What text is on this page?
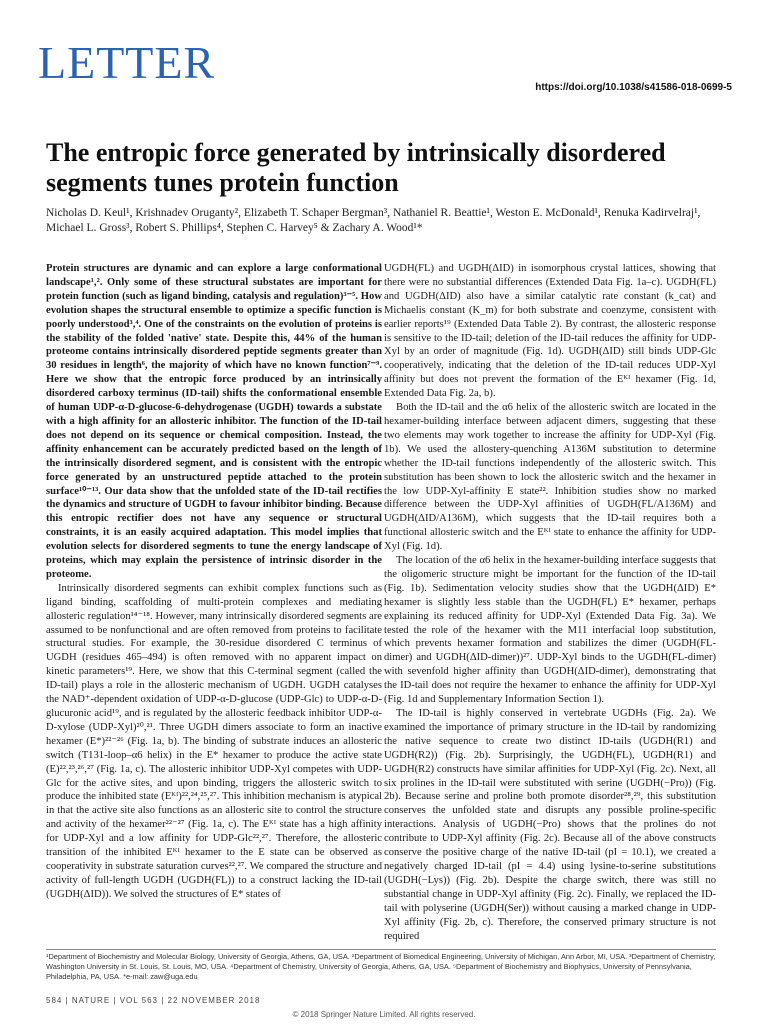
LETTER	https://doi.org/10.1038/s41586-018-0699-5
The entropic force generated by intrinsically disordered segments tunes protein function
Nicholas D. Keul¹, Krishnadev Oruganty², Elizabeth T. Schaper Bergman³, Nathaniel R. Beattie¹, Weston E. McDonald¹, Renuka Kadirvelraj¹, Michael L. Gross³, Robert S. Phillips⁴, Stephen C. Harvey⁵ & Zachary A. Wood¹*

Protein structures are dynamic and can explore a large conformational landscape¹,². Only some of these structural substates are important for protein function (such as ligand binding, catalysis and regulation)³⁻⁵. How evolution shapes the structural ensemble to optimize a specific function is poorly understood³,⁴. One of the constraints on the evolution of proteins is the stability of the folded 'native' state. Despite this, 44% of the human proteome contains intrinsically disordered peptide segments greater than 30 residues in length⁶, the majority of which have no known function⁷⁻⁹. Here we show that the entropic force produced by an intrinsically disordered carboxy terminus (ID-tail) shifts the conformational ensemble of human UDP-α-D-glucose-6-dehydrogenase (UGDH) towards a substate with a high affinity for an allosteric inhibitor. The function of the ID-tail does not depend on its sequence or chemical composition. Instead, the affinity enhancement can be accurately predicted based on the length of the intrinsically disordered segment, and is consistent with the entropic force generated by an unstructured peptide attached to the protein surface¹⁰⁻¹³. Our data show that the unfolded state of the ID-tail rectifies the dynamics and structure of UGDH to favour inhibitor binding. Because this entropic rectifier does not have any sequence or structural constraints, it is an easily acquired adaptation. This model implies that evolution selects for disordered segments to tune the energy landscape of proteins, which may explain the persistence of intrinsic disorder in the proteome.

Intrinsically disordered segments can exhibit complex functions such as ligand binding, scaffolding of multi-protein complexes and mediating allosteric regulation¹⁴⁻¹⁸. However, many intrinsically disordered segments are assumed to be nonfunctional and are often removed from proteins to facilitate structural studies. For example, the 30-residue disordered C terminus of UGDH (residues 465–494) is often removed with no apparent impact on kinetic parameters¹⁹. Here, we show that this C-terminal segment (called the ID-tail) plays a role in the allosteric mechanism of UGDH. UGDH catalyses the NAD⁺-dependent oxidation of UDP-α-D-glucose (UDP-Glc) to UDP-α-D-glucuronic acid¹⁹, and is regulated by the allosteric feedback inhibitor UDP-α-D-xylose (UDP-Xyl)²⁰,²¹. Three UGDH dimers associate to form an inactive hexamer (E*)²²⁻²⁶ (Fig. 1a, b). The binding of substrate induces an allosteric switch (T131-loop–α6 helix) in the E* hexamer to produce the active state (E)²²,²³,²⁶,²⁷ (Fig. 1a, c). The allosteric inhibitor UDP-Xyl competes with UDP-Glc for the active sites, and upon binding, triggers the allosteric switch to produce the inhibited state (Eᴷᴵ)²²,²⁴,²⁵,²⁷. This inhibition mechanism is atypical in that the active site also functions as an allosteric site to control the structure and activity of the hexamer²²⁻²⁷ (Fig. 1a, c). The Eᴷᴵ state has a high affinity for UDP-Xyl and a low affinity for UDP-Glc²²,²⁷. Therefore, the allosteric transition of the inhibited Eᴷᴵ hexamer to the E state can be observed as cooperativity in substrate saturation curves²²,²⁷. We compared the structure and activity of full-length UGDH (UGDH(FL)) to a construct lacking the ID-tail (UGDH(ΔID)). We solved the structures of E* states of

UGDH(FL) and UGDH(ΔID) in isomorphous crystal lattices, showing that there were no substantial differences (Extended Data Fig. 1a–c). UGDH(FL) and UGDH(ΔID) also have a similar catalytic rate constant (k_cat) and Michaelis constant (K_m) for both substrate and coenzyme, consistent with earlier reports¹⁹ (Extended Data Table 2). By contrast, the allosteric response is sensitive to the ID-tail; deletion of the ID-tail reduces the affinity for UDP-Xyl by an order of magnitude (Fig. 1d). UGDH(ΔID) still binds UDP-Glc cooperatively, indicating that the deletion of the ID-tail reduces UDP-Xyl affinity but does not prevent the formation of the Eᴷᴵ hexamer (Fig. 1d, Extended Data Fig. 2a, b).

Both the ID-tail and the α6 helix of the allosteric switch are located in the hexamer-building interface between adjacent dimers, suggesting that these two elements may work together to increase the affinity for UDP-Xyl (Fig. 1b). We used the allostery-quenching A136M substitution to determine whether the ID-tail functions independently of the allosteric switch. This substitution has been shown to lock the allosteric switch and the hexamer in the low UDP-Xyl-affinity E state²². Inhibition studies show no marked difference between the UDP-Xyl affinities of UGDH(FL/A136M) and UGDH(ΔID/A136M), which suggests that the ID-tail requires both a functional allosteric switch and the Eᴷᴵ state to enhance the affinity for UDP-Xyl (Fig. 1d).

The location of the α6 helix in the hexamer-building interface suggests that the oligomeric structure might be important for the function of the ID-tail (Fig. 1b). Sedimentation velocity studies show that the UGDH(ΔID) E* hexamer is slightly less stable than the UGDH(FL) E* hexamer, perhaps explaining its reduced affinity for UDP-Xyl (Extended Data Fig. 3a). We tested the role of the hexamer with the M11 interfacial loop substitution, which prevents hexamer formation and stabilizes the dimer (UGDH(FL-dimer) and UGDH(ΔID-dimer))²⁷. UDP-Xyl binds to the UGDH(FL-dimer) with sevenfold higher affinity than UGDH(ΔID-dimer), demonstrating that the ID-tail does not require the hexamer to enhance the affinity for UDP-Xyl (Fig. 1d and Supplementary Information Section 1).

The ID-tail is highly conserved in vertebrate UGDHs (Fig. 2a). We examined the importance of primary structure in the ID-tail by randomizing the native sequence to create two distinct ID-tails (UGDH(R1) and UGDH(R2)) (Fig. 2b). Surprisingly, the UGDH(FL), UGDH(R1) and UGDH(R2) constructs have similar affinities for UDP-Xyl (Fig. 2c). Next, all six prolines in the ID-tail were substituted with serine (UGDH(−Pro)) (Fig. 2b). Because serine and proline both promote disorder²⁸,²⁹, this substitution conserves the unfolded state and disrupts any possible proline-specific interactions. Analysis of UGDH(−Pro) shows that the prolines do not contribute to UDP-Xyl affinity (Fig. 2c). Because all of the above constructs conserve the positive charge of the native ID-tail (pI = 10.1), we created a negatively charged ID-tail (pI = 4.4) using lysine-to-serine substitutions (UGDH(−Lys)) (Fig. 2b). Despite the charge switch, there was still no substantial change in UDP-Xyl affinity (Fig. 2c). Finally, we replaced the ID-tail with polyserine (UGDH(Ser)) without causing a marked change in UDP-Xyl affinity (Fig. 2b, c). Therefore, the conserved primary structure is not required

¹Department of Biochemistry and Molecular Biology, University of Georgia, Athens, GA, USA. ²Department of Biomedical Engineering, University of Michigan, Ann Arbor, MI, USA. ³Department of Chemistry, Washington University in St. Louis, St. Louis, MO, USA. ⁴Department of Chemistry, University of Georgia, Athens, GA, USA. ⁵Department of Biochemistry and Biophysics, University of Pennsylvania, Philadelphia, PA, USA. *e-mail: zaw@uga.edu
584 | NATURE | VOL 563 | 22 NOVEMBER 2018
© 2018 Springer Nature Limited. All rights reserved.
